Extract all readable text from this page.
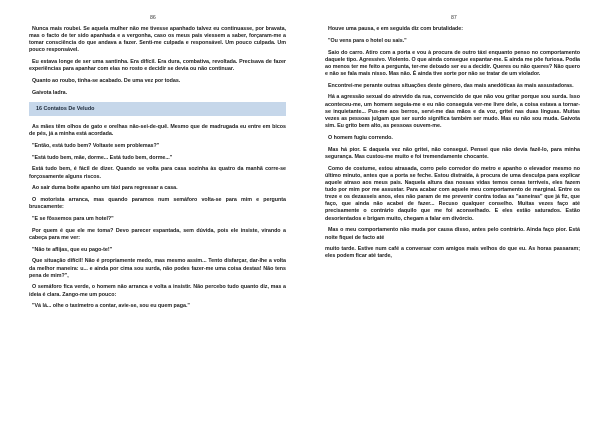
86

Nunca mais roubei. Se aquela mulher não me tivesse apanhado talvez eu continuasse, por bravata, mas o facto de ter sido apanhada e a vergonha, caso os meus pais viessem a saber, forçaram-me a tomar consciência do que andava a fazer. Senti-me culpada e responsável. Um pouco culpada. Um pouco responsável.

Eu estava longe de ser uma santinha. Era difícil. Era dura, combativa, revoltada. Precisava de fazer experiências para apanhar com elas no rosto e decidir se devia ou não continuar.

Quanto ao roubo, tinha-se acabado. De uma vez por todas.

Gaivota ladra.

16 Contatos De Veludo

As mães têm olhos de gato e orelhas não-sei-de-quê. Mesmo que de madrugada eu entre em bicos de pés, já a minha está acordada.

"Então, está tudo bem? Voltaste sem problemas?"

"Está tudo bem, mãe, dorme... Está tudo bem, dorme..."

Está tudo bem, é fácil de dizer. Quando se volta para casa sozinha às quatro da manhã corre-se forçosamente alguns riscos.

Ao sair duma boite apanho um táxi para regressar a casa.

O motorista arranca, mas quando paramos num semáforo volta-se para mim e pergunta bruscamente:

"E se fôssemos para um hotel?"

Por quem é que ele me toma? Devo parecer espantada, sem dúvida, pois ele insiste, virando a cabeça para me ver:

"Não te aflijas, que eu pago-te!"

Que situação difícil! Não é propriamente medo, mas mesmo assim... Tento disfarçar, dar-lhe a volta da melhor maneira: u... e ainda por cima sou surda, não podes fazer-me uma coisa destas! Não tens pena de mim?",

O semáforo fica verde, o homem não arranca e volta a insistir. Não percebo tudo quanto diz, mas a ideia é clara. Zango-me um pouco:

"Vá lá... olhe o taxímetro a contar, avie-se, sou eu quem paga."

87

Houve uma pausa, e em seguida diz com brutalidade:

"Ou vens para o hotel ou sais."

Saio do carro. Atiro com a porta e vou à procura de outro táxi enquanto penso no comportamento daquele tipo. Agressivo. Violento. O que ainda consegue espantar-me. E ainda me põe furiosa. Podia ao menos ter me feito a pergunta, ter-me deixado ser eu a decidir. Queres ou não queres? Não quero e não se fala mais nisso. Mas não. É ainda tive sorte por não se tratar de um violador.

Encontrei-me perante outras situações deste género, das mais anedóticas às mais assustadoras.

Há a agressão sexual do atrevido da rua, convencido de que não vou gritar porque sou surda. Isso aconteceu-me, um homem seguia-me e eu não conseguia ver-me livre dele, a coisa estava a tornar-se inquietante... Pus-me aos berros, servi-me das mãos e da voz, gritei nas duas línguas. Muitas vezes as pessoas julgam que ser surdo significa também ser mudo. Mas eu não sou muda. Gaivota sim. Eu grito bem alto, as pessoas ouvem-me.

O homem fugiu correndo.

Mas há pior. E daquela vez não gritei, não consegui. Pensei que não devia fazê-lo, para minha segurança. Mas custou-me muito e foi tremendamente chocante.

Como de costume, estou atrasada, corro pelo corredor do metro e apanho o elevador mesmo no último minuto, antes que a porta se feche. Estou distraída, à procura de uma desculpa para explicar aquele atraso aos meus pais. Naquela altura das nossas vidas temos cenas terríveis, eles fazem tudo por mim por me assustar. Para acabar com aquele meu comportamento de marginal. Entre os treze e os dezasseis anos, eles não param de me prevenir contra todas as "asneiras" que já fiz, que faço, que ainda não acabei de fazer... Recuso qualquer conselho. Muitas vezes faço até precisamente o contrário daquilo que me foi aconselhado. E eles estão saturados. Estão desorientados e brigam muito, chegam a falar em divórcio.

Mas o meu comportamento não muda por causa disso, antes pelo contrário. Ainda faço pior. Está noite fiquei de facto até

muito tarde. Estive num café a conversar com amigos mais velhos do que eu. As horas passaram; eles podem ficar até tarde,
